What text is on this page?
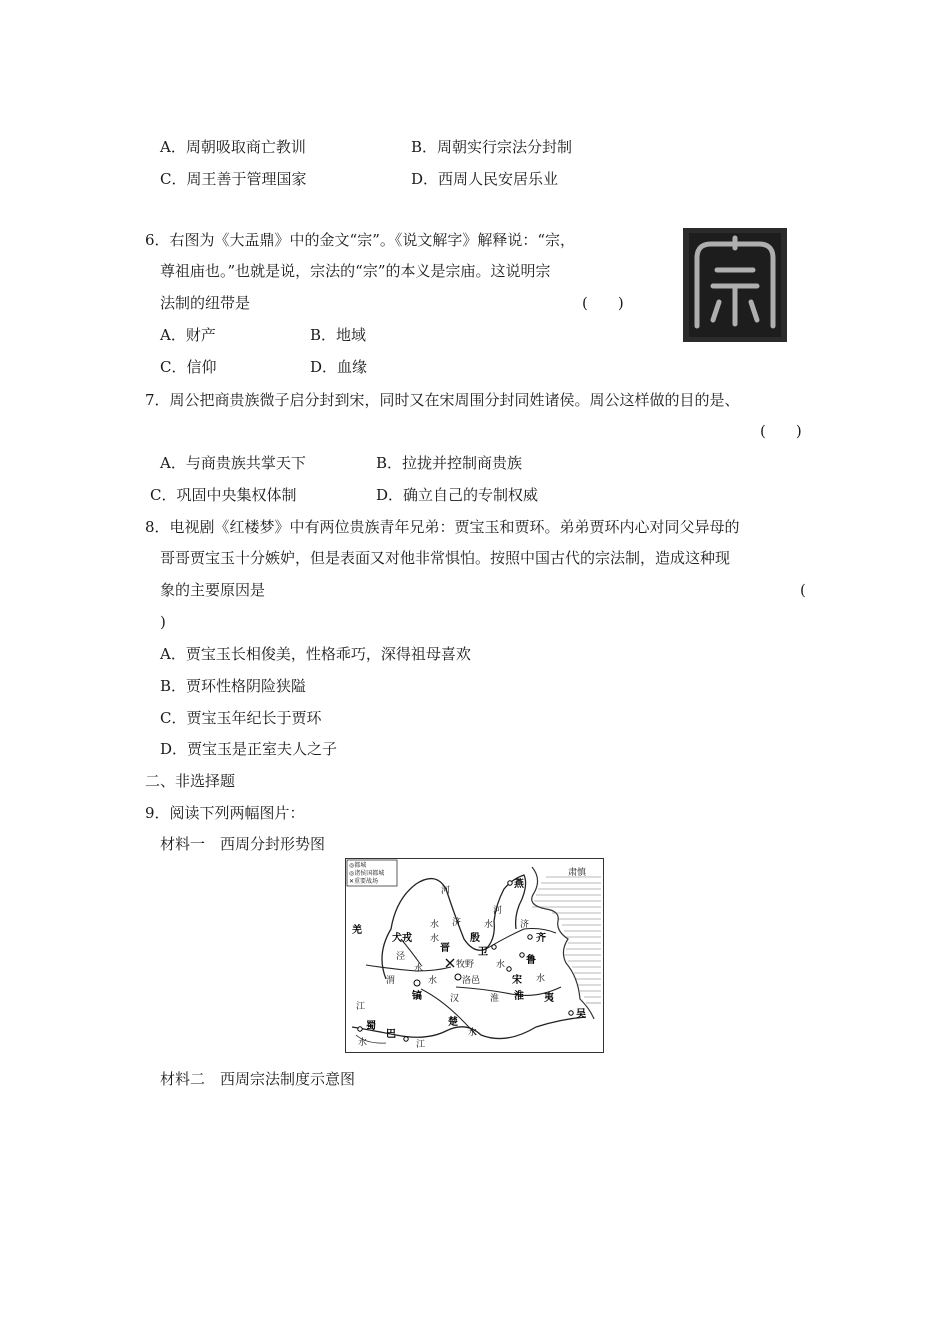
A．周朝吸取商亡教训	B．周朝实行宗法分封制
C．周王善于管理国家	D．西周人民安居乐业
6．右图为《大盂鼎》中的金文“宗”。《说文解字》解释说：“宗，
尊祖庙也。”也就是说，宗法的“宗”的本义是宗庙。这说明宗
法制的纽带是	(　　)
A．财产	B．地域
C．信仰	D．血缘
7．周公把商贵族微子启分封到宋，同时又在宋周围分封同姓诸侯。周公这样做的目的是、
(　　)
A．与商贵族共掌天下	B．拉拢并控制商贵族
C．巩固中央集权体制	D．确立自己的专制权威
8．电视剧《红楼梦》中有两位贵族青年兄弟：贾宝玉和贾环。弟弟贾环内心对同父异母的
哥哥贾宝玉十分嫉妒，但是表面又对他非常惧怕。按照中国古代的宗法制，造成这种现
象的主要原因是	(
)
A．贾宝玉长相俊美，性格乖巧，深得祖母喜欢
B．贾环性格阴险狭隘
C．贾宝玉年纪长于贾环
D．贾宝玉是正室夫人之子
二、非选择题
9．阅读下列两幅图片：
材料一　西周分封形势图
◎都城
◎诸侯国都城
✕重要战场
肃慎
燕
河
河
羌	水 济	水	济
齐
犬戎 水
晋
殷
卫
泾
牧野 水 鲁
水
渭	水	洛邑	宋 水
镐	汉	淮 淮 夷
江
楚
水
蜀
巴
吴
水	江
材料二　西周宗法制度示意图
